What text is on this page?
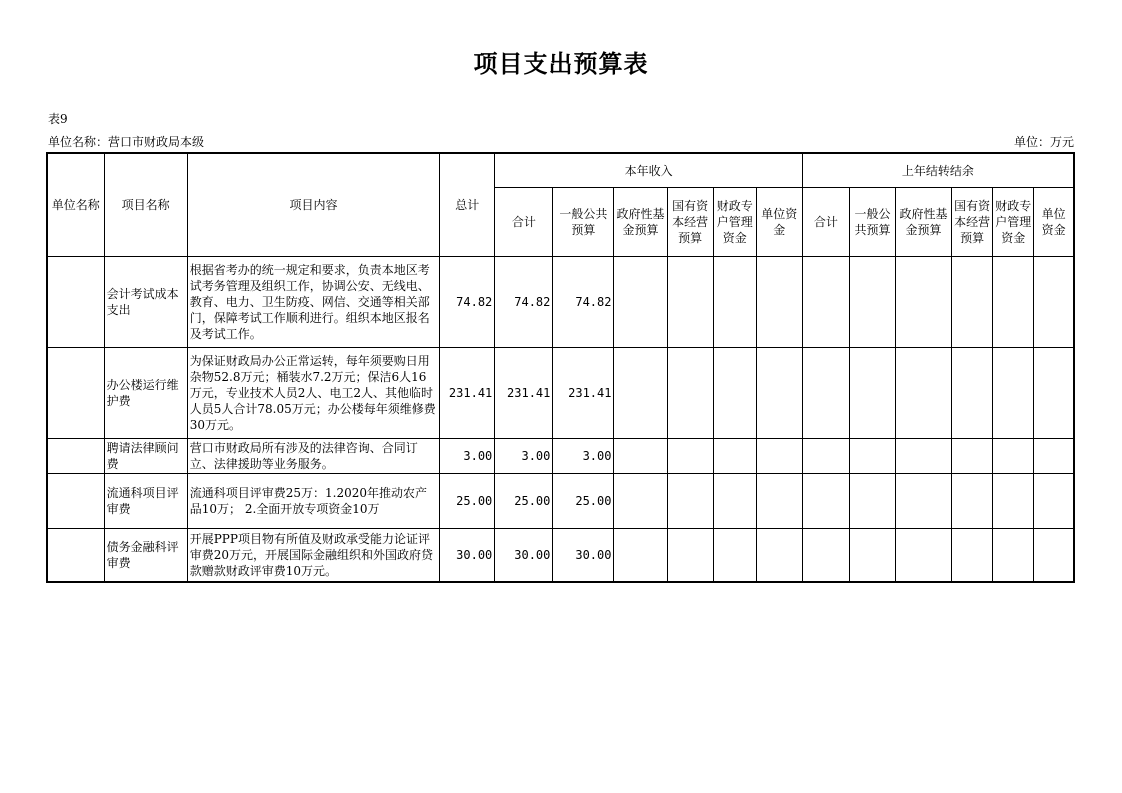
项目支出预算表
表9
单位名称：营口市财政局本级	单位：万元
单位名称	项目名称	项目内容	总计	本年收入						上年结转结余					
				合计	一般公共预算	政府性基金预算	国有资本经营预算	财政专户管理资金	单位资金	合计	一般公共预算	政府性基金预算	国有资本经营预算	财政专户管理资金	单位资金
	会计考试成本支出	根据省考办的统一规定和要求，负责本地区考试考务管理及组织工作，协调公安、无线电、教育、电力、卫生防疫、网信、交通等相关部门，保障考试工作顺利进行。组织本地区报名及考试工作。	74.82	74.82	74.82										
	办公楼运行维护费	为保证财政局办公正常运转，每年须要购日用杂物52.8万元；桶装水7.2万元；保洁6人16万元，专业技术人员2人、电工2人、其他临时人员5人合计78.05万元；办公楼每年须维修费30万元。	231.41	231.41	231.41										
	聘请法律顾问费	营口市财政局所有涉及的法律咨询、合同订立、法律援助等业务服务。	3.00	3.00	3.00										
	流通科项目评审费	流通科项目评审费25万：1.2020年推动农产品10万； 2.全面开放专项资金10万	25.00	25.00	25.00										
	债务金融科评审费	开展PPP项目物有所值及财政承受能力论证评审费20万元，开展国际金融组织和外国政府贷款赠款财政评审费10万元。	30.00	30.00	30.00										
